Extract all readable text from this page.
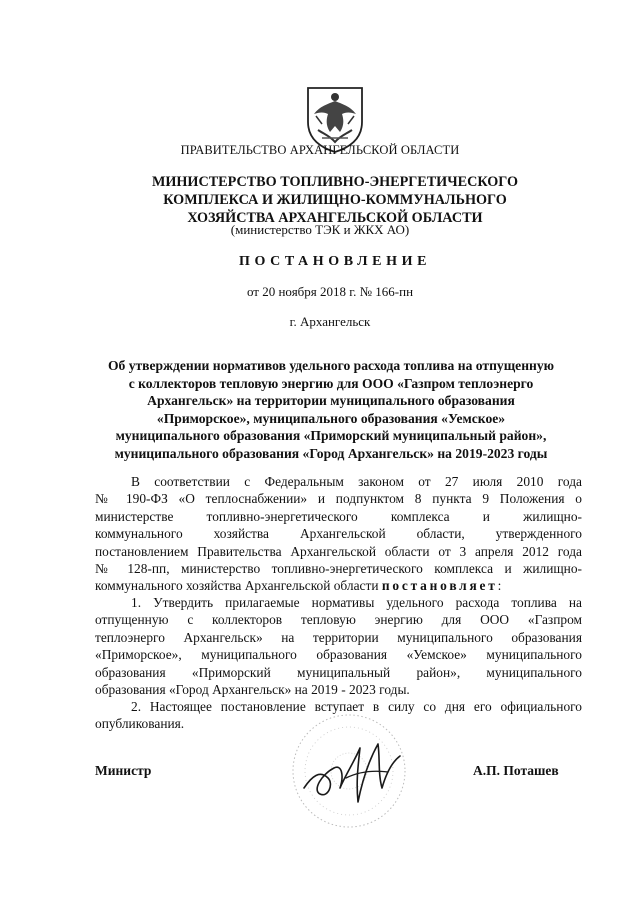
ПРАВИТЕЛЬСТВО АРХАНГЕЛЬСКОЙ ОБЛАСТИ
МИНИСТЕРСТВО ТОПЛИВНО-ЭНЕРГЕТИЧЕСКОГО
КОМПЛЕКСА И ЖИЛИЩНО-КОММУНАЛЬНОГО
ХОЗЯЙСТВА АРХАНГЕЛЬСКОЙ ОБЛАСТИ
(министерство ТЭК и ЖКХ АО)
ПОСТАНОВЛЕНИЕ
от 20 ноября 2018 г. № 166-пн
г. Архангельск
Об утверждении нормативов удельного расхода топлива на отпущенную
с коллекторов тепловую энергию для ООО «Газпром теплоэнерго
Архангельск» на территории муниципального образования
«Приморское», муниципального образования «Уемское»
муниципального образования «Приморский муниципальный район»,
муниципального образования «Город Архангельск» на 2019-2023 годы
В соответствии с Федеральным законом от 27 июля 2010 года
№ 190-ФЗ «О теплоснабжении» и подпунктом 8 пункта 9 Положения о
министерстве топливно-энергетического комплекса и жилищно-
коммунального хозяйства Архангельской области, утвержденного
постановлением Правительства Архангельской области от 3 апреля 2012 года
№ 128-пп, министерство топливно-энергетического комплекса и жилищно-
коммунального хозяйства Архангельской области постановляет:
1. Утвердить прилагаемые нормативы удельного расхода топлива на
отпущенную с коллекторов тепловую энергию для ООО «Газпром
теплоэнерго Архангельск» на территории муниципального образования
«Приморское», муниципального образования «Уемское» муниципального
образования «Приморский муниципальный район», муниципального
образования «Город Архангельск» на 2019 - 2023 годы.
2. Настоящее постановление вступает в силу со дня его официального
опубликования.
Министр	А.П. Поташев
